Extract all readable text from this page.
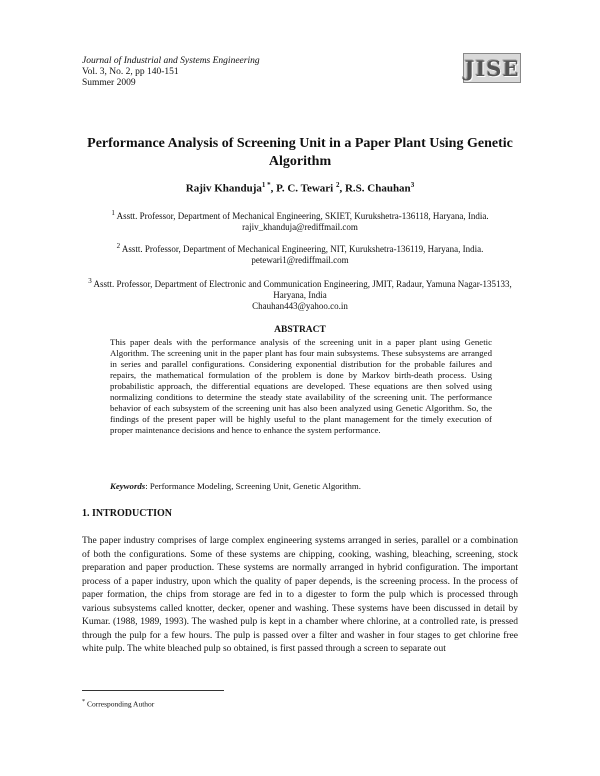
Journal of Industrial and Systems Engineering
Vol. 3, No. 2, pp 140-151
Summer 2009
JISE
Performance Analysis of Screening Unit in a Paper Plant Using Genetic Algorithm
Rajiv Khanduja$^{1 *}$, P. C. Tewari $^2$, R.S. Chauhan$^3$
$^1$ Asstt. Professor, Department of Mechanical Engineering, SKIET, Kurukshetra-136118, Haryana, India.
rajiv_khanduja@rediffmail.com
$^2$ Asstt. Professor, Department of Mechanical Engineering, NIT, Kurukshetra-136119, Haryana, India.
petewari1@rediffmail.com
$^3$ Asstt. Professor, Department of Electronic and Communication Engineering, JMIT, Radaur, Yamuna Nagar-135133, Haryana, India
Chauhan443@yahoo.co.in
ABSTRACT
This paper deals with the performance analysis of the screening unit in a paper plant using Genetic Algorithm. The screening unit in the paper plant has four main subsystems. These subsystems are arranged in series and parallel configurations. Considering exponential distribution for the probable failures and repairs, the mathematical formulation of the problem is done by Markov birth-death process. Using probabilistic approach, the differential equations are developed. These equations are then solved using normalizing conditions to determine the steady state availability of the screening unit. The performance behavior of each subsystem of the screening unit has also been analyzed using Genetic Algorithm. So, the findings of the present paper will be highly useful to the plant management for the timely execution of proper maintenance decisions and hence to enhance the system performance.
Keywords: Performance Modeling, Screening Unit, Genetic Algorithm.
1. INTRODUCTION
The paper industry comprises of large complex engineering systems arranged in series, parallel or a combination of both the configurations. Some of these systems are chipping, cooking, washing, bleaching, screening, stock preparation and paper production. These systems are normally arranged in hybrid configuration. The important process of a paper industry, upon which the quality of paper depends, is the screening process. In the process of paper formation, the chips from storage are fed in to a digester to form the pulp which is processed through various subsystems called knotter, decker, opener and washing. These systems have been discussed in detail by Kumar. (1988, 1989, 1993). The washed pulp is kept in a chamber where chlorine, at a controlled rate, is pressed through the pulp for a few hours. The pulp is passed over a filter and washer in four stages to get chlorine free white pulp. The white bleached pulp so obtained, is first passed through a screen to separate out
* Corresponding Author
